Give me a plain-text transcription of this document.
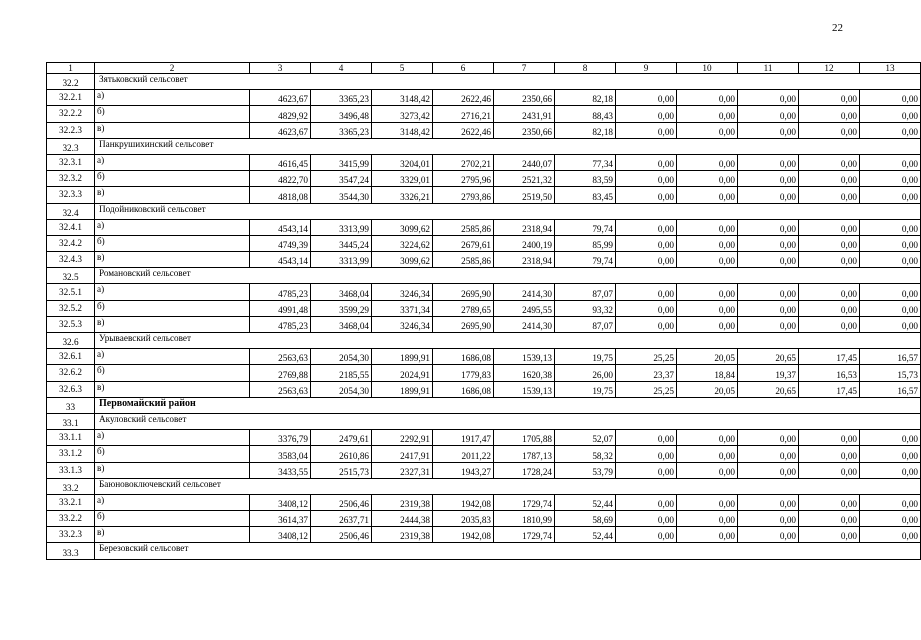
22
1	2	3	4	5	6	7	8	9	10	11	12	13
32.2	Зятьковский сельсовет											
32.2.1	а)	4623,67	3365,23	3148,42	2622,46	2350,66	82,18	0,00	0,00	0,00	0,00	0,00
32.2.2	б)	4829,92	3496,48	3273,42	2716,21	2431,91	88,43	0,00	0,00	0,00	0,00	0,00
32.2.3	в)	4623,67	3365,23	3148,42	2622,46	2350,66	82,18	0,00	0,00	0,00	0,00	0,00
32.3	Панкрушихинский сельсовет											
32.3.1	а)	4616,45	3415,99	3204,01	2702,21	2440,07	77,34	0,00	0,00	0,00	0,00	0,00
32.3.2	б)	4822,70	3547,24	3329,01	2795,96	2521,32	83,59	0,00	0,00	0,00	0,00	0,00
32.3.3	в)	4818,08	3544,30	3326,21	2793,86	2519,50	83,45	0,00	0,00	0,00	0,00	0,00
32.4	Подойниковский сельсовет											
32.4.1	а)	4543,14	3313,99	3099,62	2585,86	2318,94	79,74	0,00	0,00	0,00	0,00	0,00
32.4.2	б)	4749,39	3445,24	3224,62	2679,61	2400,19	85,99	0,00	0,00	0,00	0,00	0,00
32.4.3	в)	4543,14	3313,99	3099,62	2585,86	2318,94	79,74	0,00	0,00	0,00	0,00	0,00
32.5	Романовский сельсовет											
32.5.1	а)	4785,23	3468,04	3246,34	2695,90	2414,30	87,07	0,00	0,00	0,00	0,00	0,00
32.5.2	б)	4991,48	3599,29	3371,34	2789,65	2495,55	93,32	0,00	0,00	0,00	0,00	0,00
32.5.3	в)	4785,23	3468,04	3246,34	2695,90	2414,30	87,07	0,00	0,00	0,00	0,00	0,00
32.6	Урывaевский сельсовет											
32.6.1	а)	2563,63	2054,30	1899,91	1686,08	1539,13	19,75	25,25	20,05	20,65	17,45	16,57
32.6.2	б)	2769,88	2185,55	2024,91	1779,83	1620,38	26,00	23,37	18,84	19,37	16,53	15,73
32.6.3	в)	2563,63	2054,30	1899,91	1686,08	1539,13	19,75	25,25	20,05	20,65	17,45	16,57
33	Первомайский район											
33.1	Акуловский сельсовет											
33.1.1	а)	3376,79	2479,61	2292,91	1917,47	1705,88	52,07	0,00	0,00	0,00	0,00	0,00
33.1.2	б)	3583,04	2610,86	2417,91	2011,22	1787,13	58,32	0,00	0,00	0,00	0,00	0,00
33.1.3	в)	3433,55	2515,73	2327,31	1943,27	1728,24	53,79	0,00	0,00	0,00	0,00	0,00
33.2	Баюновоключевский сельсовет											
33.2.1	а)	3408,12	2506,46	2319,38	1942,08	1729,74	52,44	0,00	0,00	0,00	0,00	0,00
33.2.2	б)	3614,37	2637,71	2444,38	2035,83	1810,99	58,69	0,00	0,00	0,00	0,00	0,00
33.2.3	в)	3408,12	2506,46	2319,38	1942,08	1729,74	52,44	0,00	0,00	0,00	0,00	0,00
33.3	Березовский сельсовет											
